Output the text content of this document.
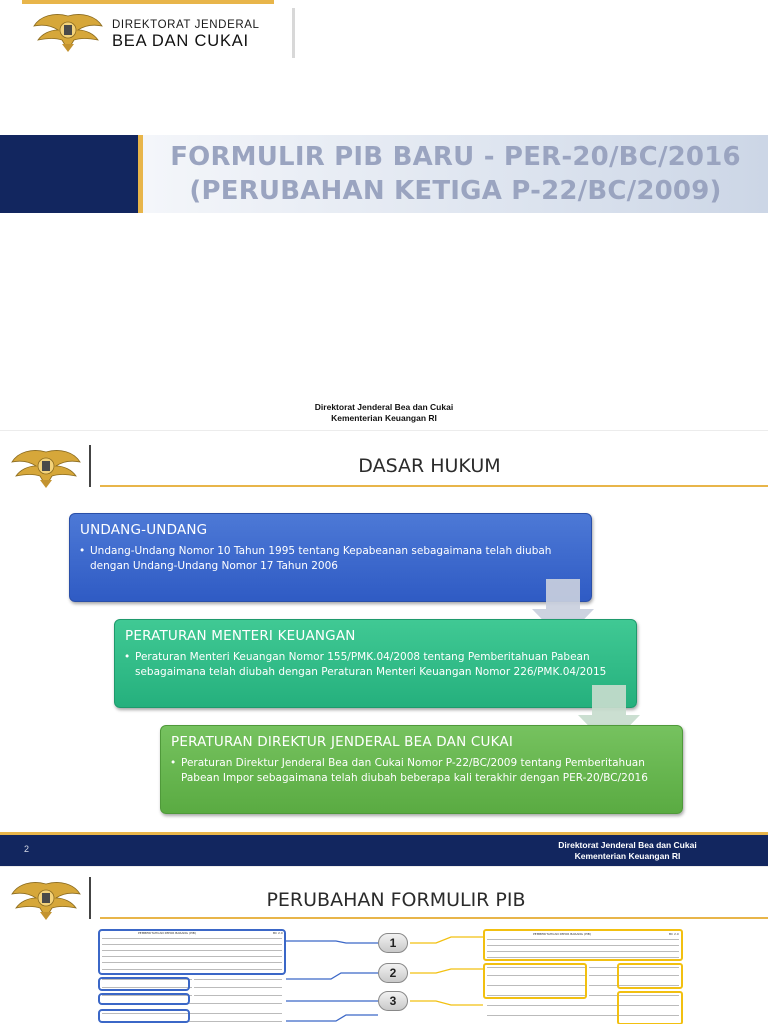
DIREKTORAT JENDERAL
BEA DAN CUKAI
FORMULIR PIB BARU - PER-20/BC/2016
(PERUBAHAN KETIGA P-22/BC/2009)
Direktorat Jenderal Bea dan Cukai
Kementerian Keuangan RI
DASAR HUKUM
UNDANG-UNDANG
• Undang-Undang Nomor 10 Tahun 1995 tentang Kepabeanan sebagaimana telah diubah dengan Undang-Undang Nomor 17 Tahun 2006
PERATURAN MENTERI KEUANGAN
• Peraturan Menteri Keuangan Nomor 155/PMK.04/2008 tentang Pemberitahuan Pabean sebagaimana telah diubah dengan Peraturan Menteri Keuangan Nomor 226/PMK.04/2015
PERATURAN DIREKTUR JENDERAL BEA DAN CUKAI
• Peraturan Direktur Jenderal Bea dan Cukai Nomor P-22/BC/2009 tentang Pemberitahuan Pabean Impor sebagaimana telah diubah beberapa kali terakhir dengan PER-20/BC/2016
2	Direktorat Jenderal Bea dan Cukai
Kementerian Keuangan RI
PERUBAHAN FORMULIR PIB
PEMBERITAHUAN IMPOR BARANG (PIB)	BC 2.0
1
2
3
PEMBERITAHUAN IMPOR BARANG (PIB)	BC 2.0
